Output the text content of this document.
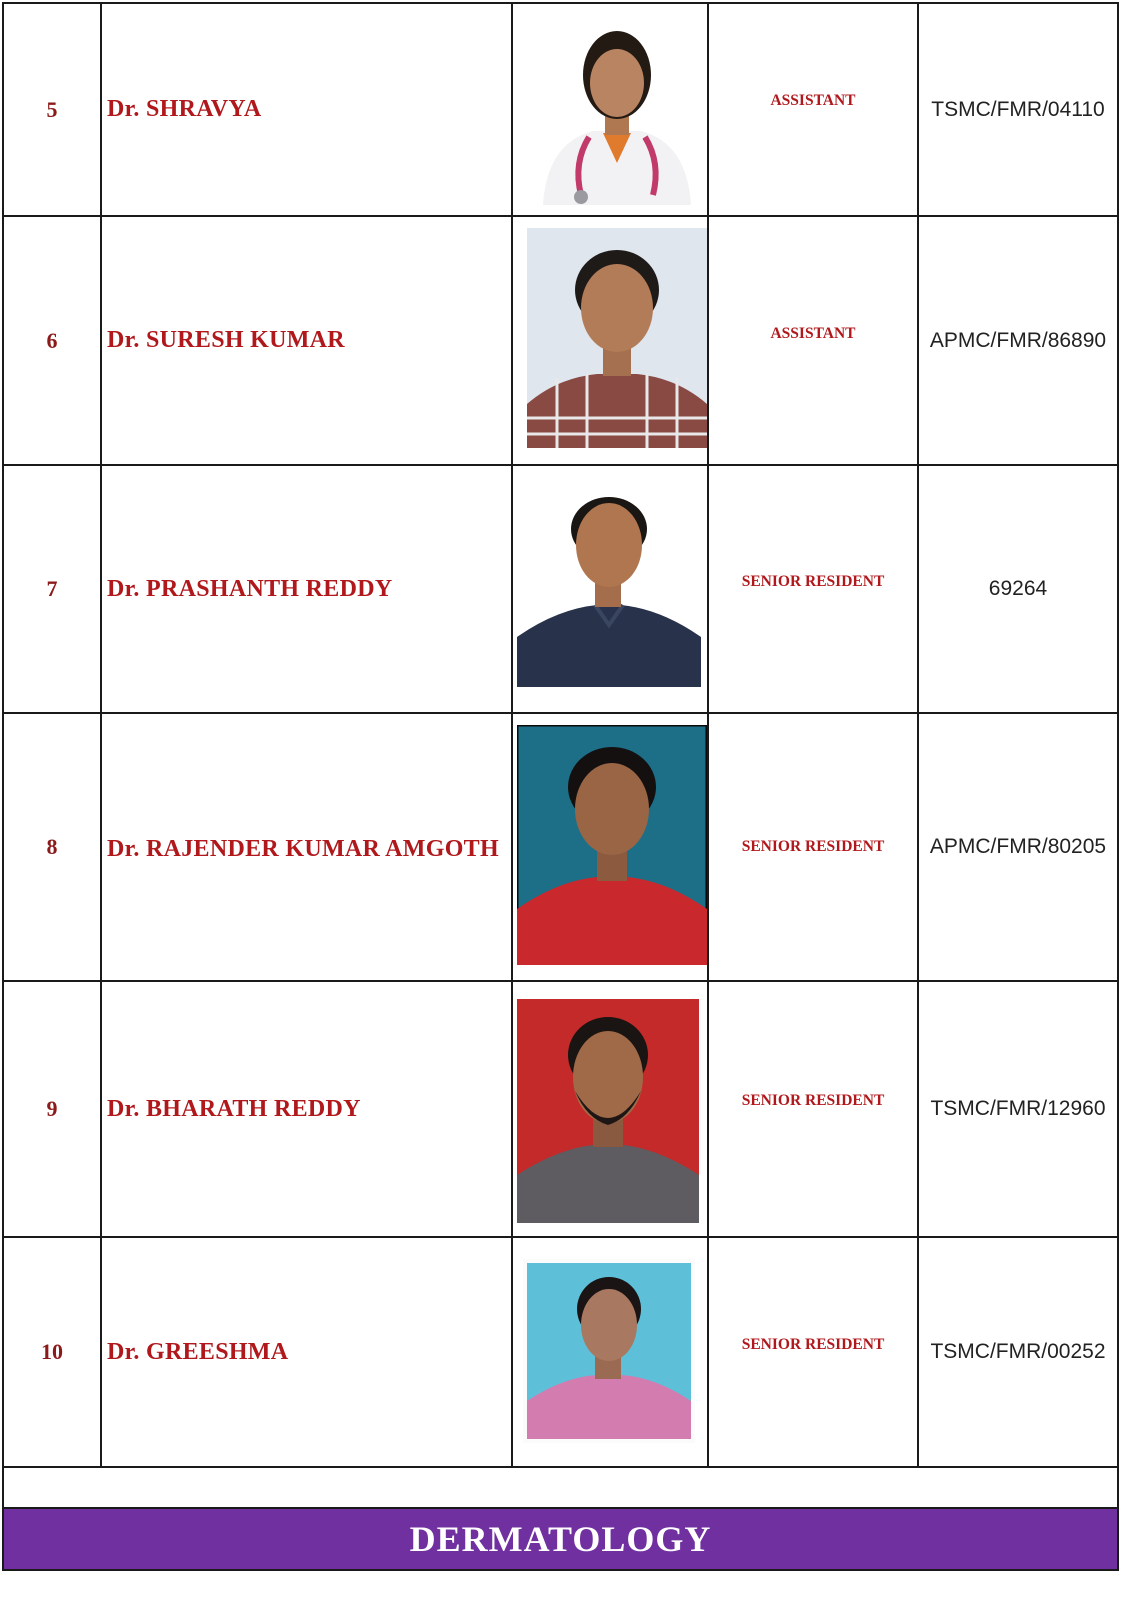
5	Dr. SHRAVYA		ASSISTANT	TSMC/FMR/04110
6	Dr. SURESH KUMAR		ASSISTANT	APMC/FMR/86890
7	Dr. PRASHANTH REDDY		SENIOR RESIDENT	69264
8	Dr. RAJENDER KUMAR AMGOTH		SENIOR RESIDENT	APMC/FMR/80205
9	Dr. BHARATH REDDY		SENIOR RESIDENT	TSMC/FMR/12960
10	Dr. GREESHMA		SENIOR RESIDENT	TSMC/FMR/00252

DERMATOLOGY				
